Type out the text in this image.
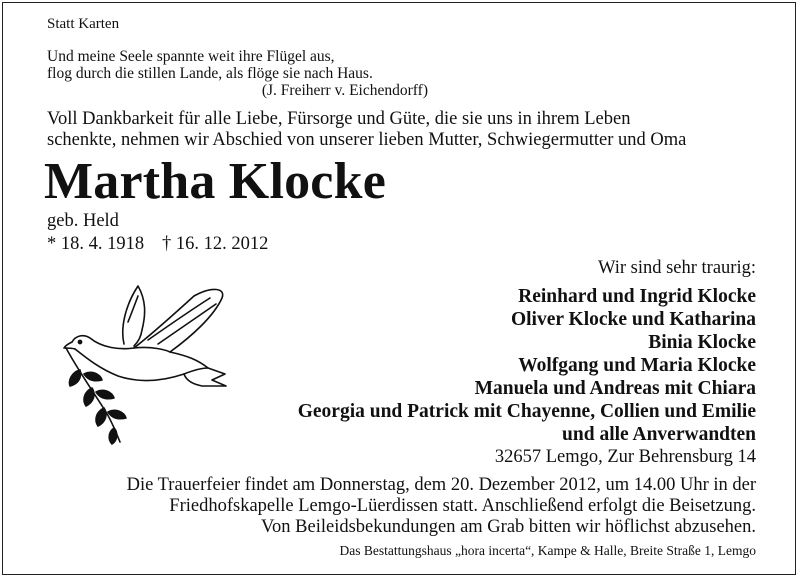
Statt Karten
Und meine Seele spannte weit ihre Flügel aus,
flog durch die stillen Lande, als flöge sie nach Haus.
(J. Freiherr v. Eichendorff)
Voll Dankbarkeit für alle Liebe, Fürsorge und Güte, die sie uns in ihrem Leben
schenkte, nehmen wir Abschied von unserer lieben Mutter, Schwiegermutter und Oma
Martha Klocke
geb. Held
* 18. 4. 1918 † 16. 12. 2012
Wir sind sehr traurig:
Reinhard und Ingrid Klocke
Oliver Klocke und Katharina
Binia Klocke
Wolfgang und Maria Klocke
Manuela und Andreas mit Chiara
Georgia und Patrick mit Chayenne, Collien und Emilie
und alle Anverwandten
32657 Lemgo, Zur Behrensburg 14
Die Trauerfeier findet am Donnerstag, dem 20. Dezember 2012, um 14.00 Uhr in der
Friedhofskapelle Lemgo-Lüerdissen statt. Anschließend erfolgt die Beisetzung.
Von Beileidsbekundungen am Grab bitten wir höflichst abzusehen.
Das Bestattungshaus „hora incerta“, Kampe & Halle, Breite Straße 1, Lemgo
